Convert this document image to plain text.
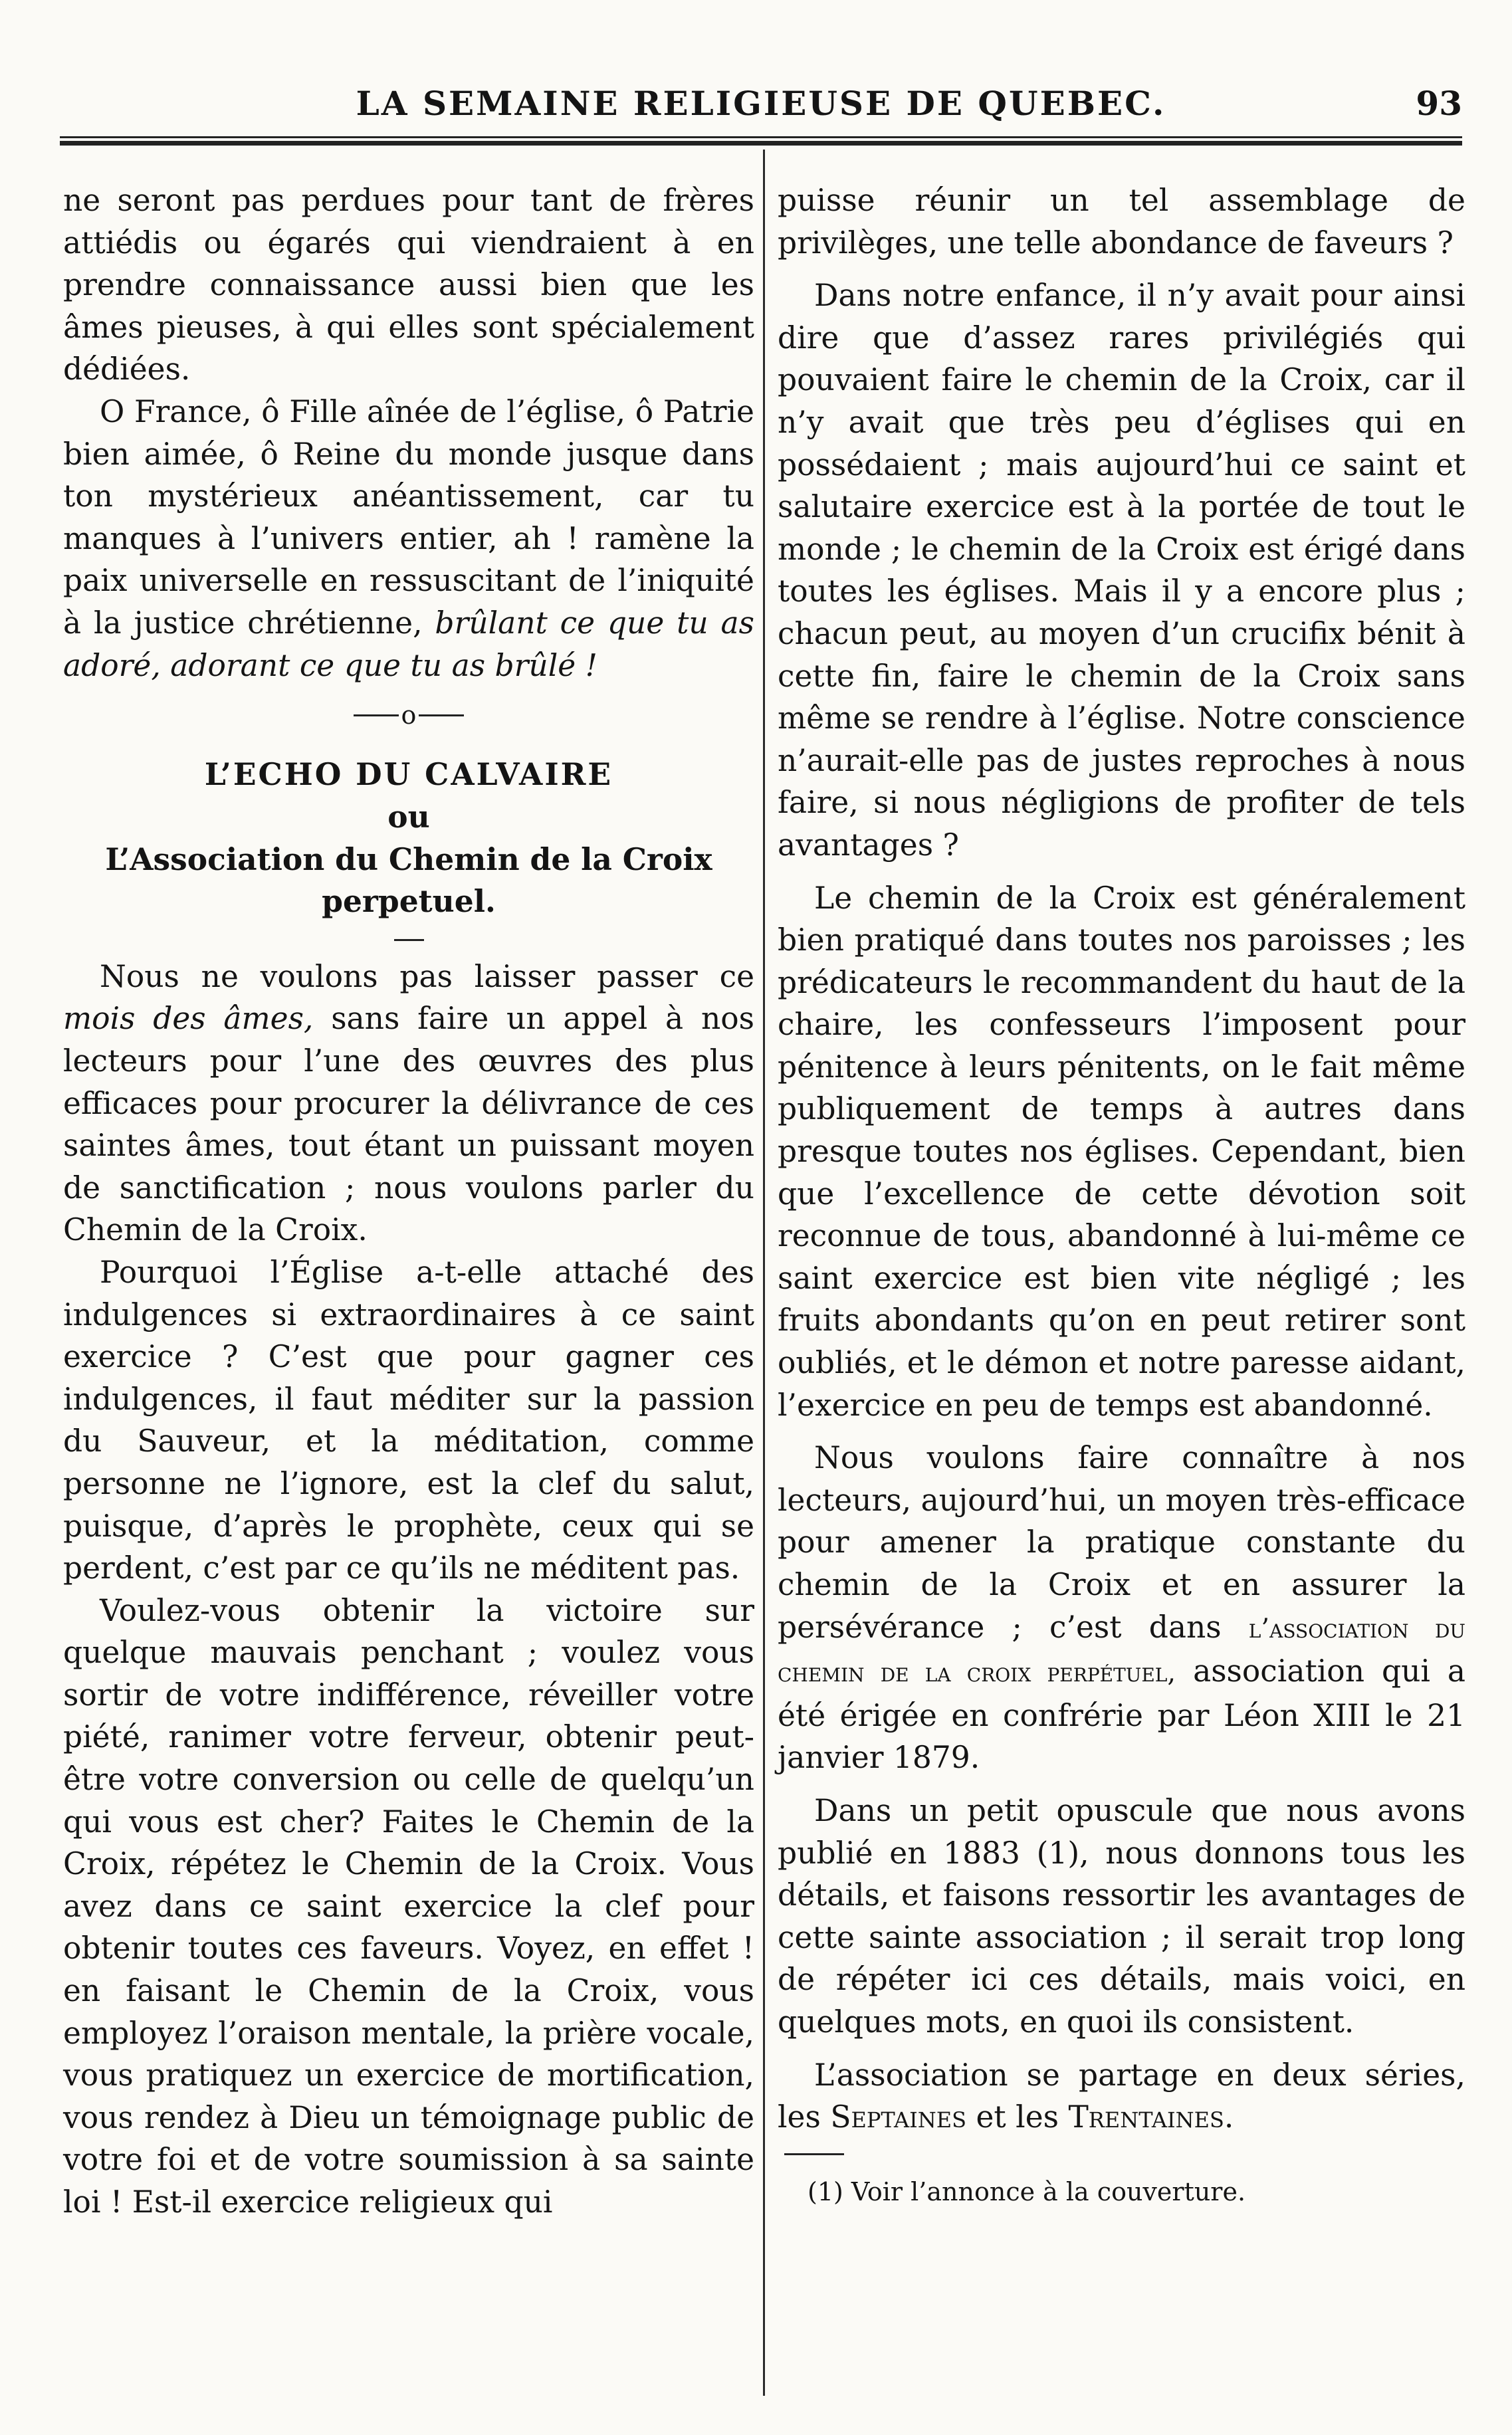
LA SEMAINE RELIGIEUSE DE QUEBEC.	93

ne seront pas perdues pour tant de frères attiédis ou égarés qui viendraient à en prendre connaissance aussi bien que les âmes pieuses, à qui elles sont spécialement dédiées.

O France, ô Fille aînée de l’église, ô Patrie bien aimée, ô Reine du monde jusque dans ton mystérieux anéantissement, car tu manques à l’univers entier, ah ! ramène la paix universelle en ressuscitant de l’iniquité à la justice chrétienne, brûlant ce que tu as adoré, adorant ce que tu as brûlé !

o

L’ECHO DU CALVAIRE

ou

L’Association du Chemin de la Croix perpetuel.

Nous ne voulons pas laisser passer ce mois des âmes, sans faire un appel à nos lecteurs pour l’une des œuvres des plus efficaces pour procurer la délivrance de ces saintes âmes, tout étant un puissant moyen de sanctification ; nous voulons parler du Chemin de la Croix.

Pourquoi l’Église a-t-elle attaché des indulgences si extraordinaires à ce saint exercice ? C’est que pour gagner ces indulgences, il faut méditer sur la passion du Sauveur, et la méditation, comme personne ne l’ignore, est la clef du salut, puisque, d’après le prophète, ceux qui se perdent, c’est par ce qu’ils ne méditent pas.

Voulez-vous obtenir la victoire sur quelque mauvais penchant ; voulez vous sortir de votre indifférence, réveiller votre piété, ranimer votre ferveur, obtenir peut-être votre conversion ou celle de quelqu’un qui vous est cher? Faites le Chemin de la Croix, répétez le Chemin de la Croix. Vous avez dans ce saint exercice la clef pour obtenir toutes ces faveurs. Voyez, en effet ! en faisant le Chemin de la Croix, vous employez l’oraison mentale, la prière vocale, vous pratiquez un exercice de mortification, vous rendez à Dieu un témoignage public de votre foi et de votre soumission à sa sainte loi ! Est-il exercice religieux qui

puisse réunir un tel assemblage de privilèges, une telle abondance de faveurs ?

Dans notre enfance, il n’y avait pour ainsi dire que d’assez rares privilégiés qui pouvaient faire le chemin de la Croix, car il n’y avait que très peu d’églises qui en possédaient ; mais aujourd’hui ce saint et salutaire exercice est à la portée de tout le monde ; le chemin de la Croix est érigé dans toutes les églises. Mais il y a encore plus ; chacun peut, au moyen d’un crucifix bénit à cette fin, faire le chemin de la Croix sans même se rendre à l’église. Notre conscience n’aurait-elle pas de justes reproches à nous faire, si nous négligions de profiter de tels avantages ?

Le chemin de la Croix est généralement bien pratiqué dans toutes nos paroisses ; les prédicateurs le recommandent du haut de la chaire, les confesseurs l’imposent pour pénitence à leurs pénitents, on le fait même publiquement de temps à autres dans presque toutes nos églises. Cependant, bien que l’excellence de cette dévotion soit reconnue de tous, abandonné à lui-même ce saint exercice est bien vite négligé ; les fruits abondants qu’on en peut retirer sont oubliés, et le démon et notre paresse aidant, l’exercice en peu de temps est abandonné.

Nous voulons faire connaître à nos lecteurs, aujourd’hui, un moyen très-efficace pour amener la pratique constante du chemin de la Croix et en assurer la persévérance ; c’est dans l’association du chemin de la croix perpétuel, association qui a été érigée en confrérie par Léon XIII le 21 janvier 1879.

Dans un petit opuscule que nous avons publié en 1883 (1), nous donnons tous les détails, et faisons ressortir les avantages de cette sainte association ; il serait trop long de répéter ici ces détails, mais voici, en quelques mots, en quoi ils consistent.

L’association se partage en deux séries, les Septaines et les Trentaines.

(1) Voir l’annonce à la couverture.
